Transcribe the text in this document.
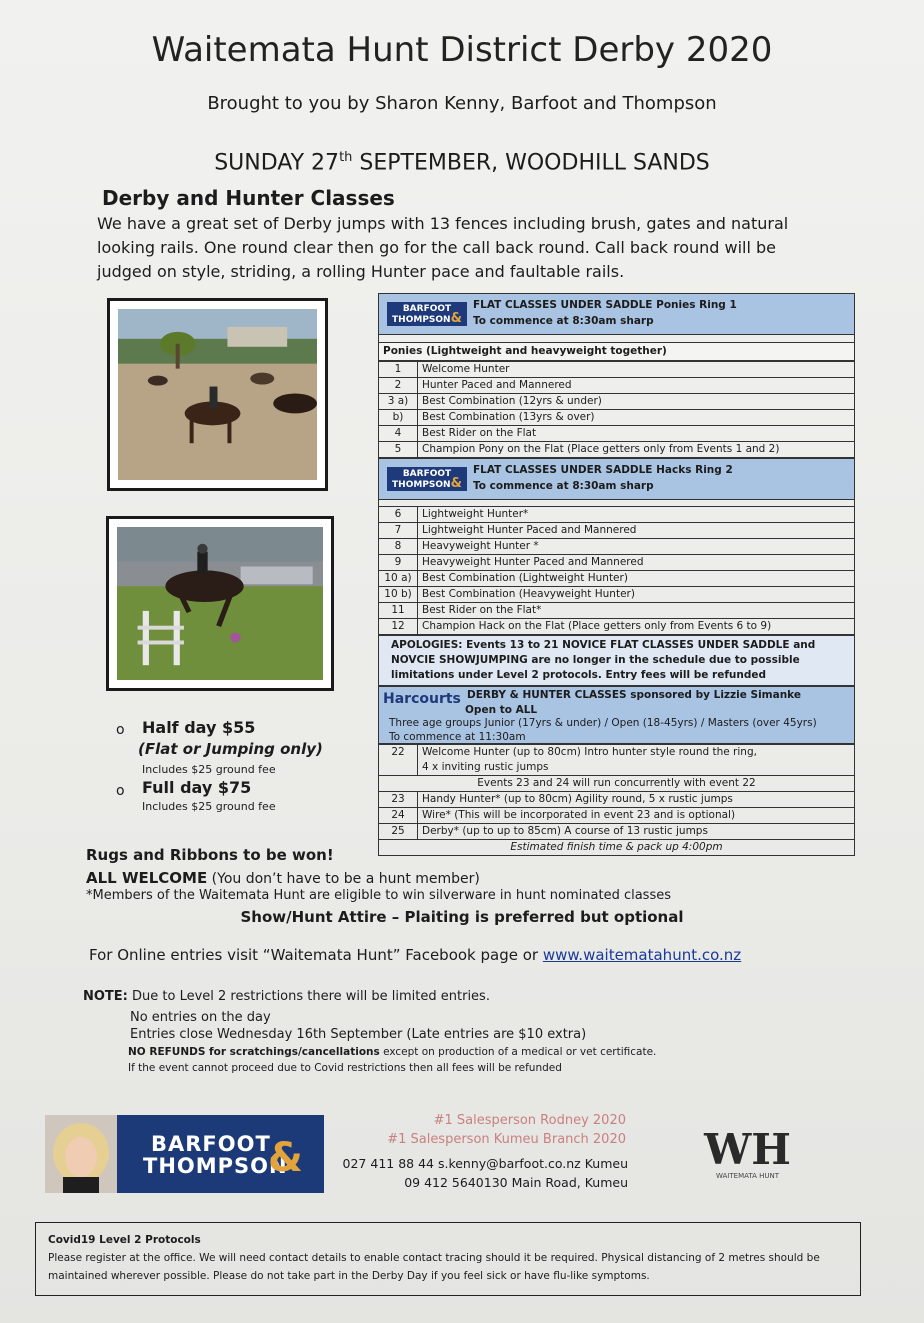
Waitemata Hunt District Derby 2020
Brought to you by Sharon Kenny, Barfoot and Thompson
SUNDAY 27th SEPTEMBER, WOODHILL SANDS
Derby and Hunter Classes
We have a great set of Derby jumps with 13 fences including brush, gates and natural looking rails. One round clear then go for the call back round. Call back round will be judged on style, striding, a rolling Hunter pace and faultable rails.
o Half day $55
(Flat or Jumping only)
Includes $25 ground fee
o Full day $75
Includes $25 ground fee
BARFOOT
THOMPSON&
FLAT CLASSES UNDER SADDLE Ponies Ring 1
To commence at 8:30am sharp
Ponies (Lightweight and heavyweight together)
1	Welcome Hunter
2	Hunter Paced and Mannered
3 a)	Best Combination (12yrs & under)
b)	Best Combination (13yrs & over)
4	Best Rider on the Flat
5	Champion Pony on the Flat (Place getters only from Events 1 and 2)
BARFOOT
THOMPSON&
FLAT CLASSES UNDER SADDLE Hacks Ring 2
To commence at 8:30am sharp
6	Lightweight Hunter*
7	Lightweight Hunter Paced and Mannered
8	Heavyweight Hunter *
9	Heavyweight Hunter Paced and Mannered
10 a)	Best Combination (Lightweight Hunter)
10 b)	Best Combination (Heavyweight Hunter)
11	Best Rider on the Flat*
12	Champion Hack on the Flat (Place getters only from Events 6 to 9)
APOLOGIES: Events 13 to 21 NOVICE FLAT CLASSES UNDER SADDLE and NOVCIE SHOWJUMPING are no longer in the schedule due to possible limitations under Level 2 protocols. Entry fees will be refunded
Harcourts DERBY & HUNTER CLASSES sponsored by Lizzie Simanke
Open to ALL
Three age groups Junior (17yrs & under) / Open (18-45yrs) / Masters (over 45yrs)
To commence at 11:30am
22	Welcome Hunter (up to 80cm) Intro hunter style round the ring,
4 x inviting rustic jumps

Events 23 and 24 will run concurrently with event 22	
23	Handy Hunter* (up to 80cm) Agility round, 5 x rustic jumps
24	Wire* (This will be incorporated in event 23 and is optional)
25	Derby* (up to up to 85cm) A course of 13 rustic jumps
Estimated finish time & pack up 4:00pm	
Rugs and Ribbons to be won!
ALL WELCOME (You don’t have to be a hunt member)
*Members of the Waitemata Hunt are eligible to win silverware in hunt nominated classes
Show/Hunt Attire – Plaiting is preferred but optional
For Online entries visit “Waitemata Hunt” Facebook page or www.waitematahunt.co.nz
NOTE: Due to Level 2 restrictions there will be limited entries.
No entries on the day
Entries close Wednesday 16th September (Late entries are $10 extra)
NO REFUNDS for scratchings/cancellations except on production of a medical or vet certificate.
If the event cannot proceed due to Covid restrictions then all fees will be refunded
BARFOOT
THOMPSON
&
#1 Salesperson Rodney 2020
#1 Salesperson Kumeu Branch 2020
027 411 88 44 s.kenny@barfoot.co.nz Kumeu
09 412 5640130 Main Road, Kumeu
WH
WAITEMATA HUNT
Covid19 Level 2 Protocols
Please register at the office. We will need contact details to enable contact tracing should it be required. Physical distancing of 2 metres should be maintained wherever possible. Please do not take part in the Derby Day if you feel sick or have flu-like symptoms.
